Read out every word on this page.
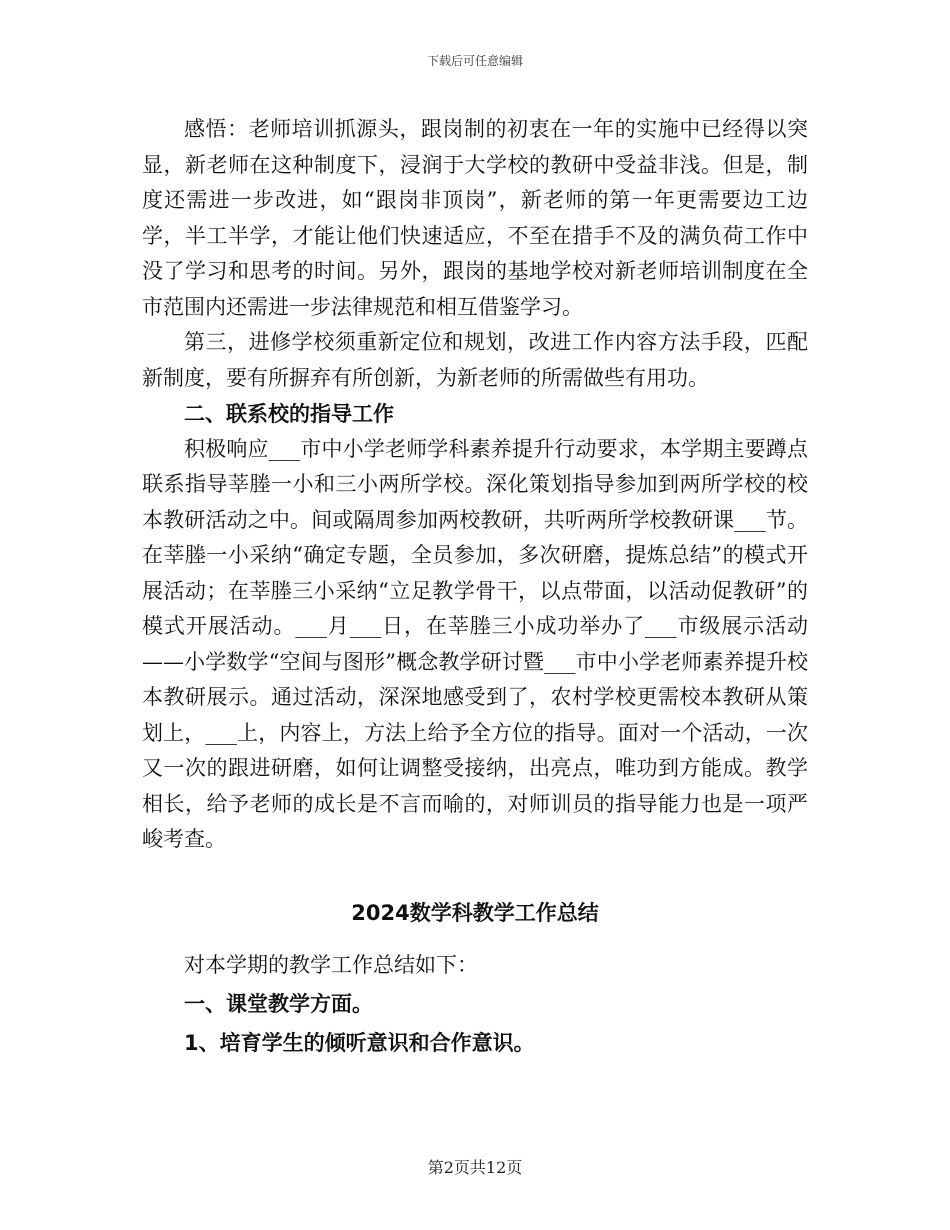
下载后可任意编辑

感悟：老师培训抓源头，跟岗制的初衷在一年的实施中已经得以突显，新老师在这种制度下，浸润于大学校的教研中受益非浅。但是，制度还需进一步改进，如“跟岗非顶岗”，新老师的第一年更需要边工边学，半工半学，才能让他们快速适应，不至在措手不及的满负荷工作中没了学习和思考的时间。另外，跟岗的基地学校对新老师培训制度在全市范围内还需进一步法律规范和相互借鉴学习。

第三，进修学校须重新定位和规划，改进工作内容方法手段，匹配新制度，要有所摒弃有所创新，为新老师的所需做些有用功。

二、联系校的指导工作

积极响应___市中小学老师学科素养提升行动要求，本学期主要蹲点联系指导莘塍一小和三小两所学校。深化策划指导参加到两所学校的校本教研活动之中。间或隔周参加两校教研，共听两所学校教研课___节。在莘塍一小采纳“确定专题，全员参加，多次研磨，提炼总结”的模式开展活动；在莘塍三小采纳“立足教学骨干，以点带面，以活动促教研”的模式开展活动。___月___日，在莘塍三小成功举办了___市级展示活动——小学数学“空间与图形”概念教学研讨暨___市中小学老师素养提升校本教研展示。通过活动，深深地感受到了，农村学校更需校本教研从策划上，___上，内容上，方法上给予全方位的指导。面对一个活动，一次又一次的跟进研磨，如何让调整受接纳，出亮点，唯功到方能成。教学相长，给予老师的成长是不言而喻的，对师训员的指导能力也是一项严峻考查。

2024数学科教学工作总结

对本学期的教学工作总结如下：

一、课堂教学方面。

1、培育学生的倾听意识和合作意识。

第2页共12页
